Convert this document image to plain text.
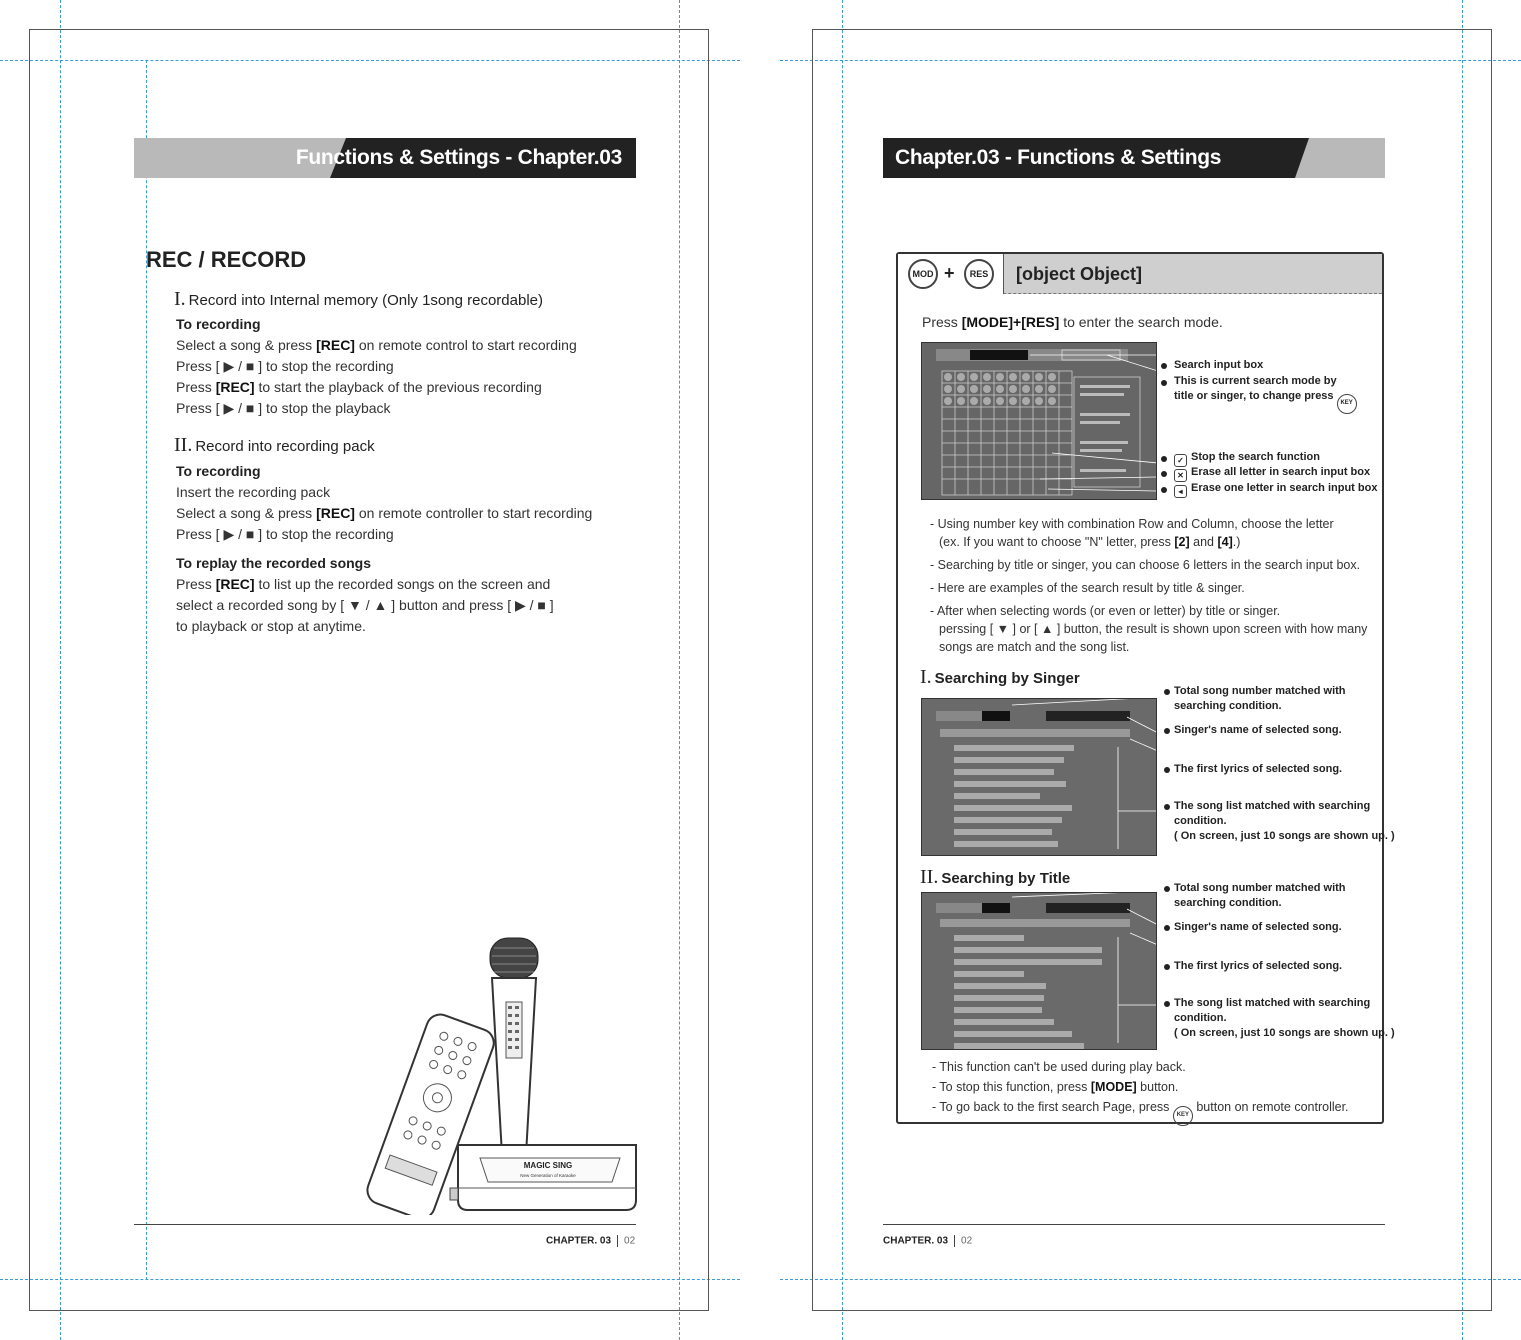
Functions & Settings - Chapter.03
REC / RECORD
I. Record into Internal memory (Only 1song recordable)
To recording
Select a song & press [REC] on remote control to start recording
Press [ ▶ / ■ ] to stop the recording
Press [REC] to start the playback of the previous recording
Press [ ▶ / ■ ] to stop the playback
II. Record into recording pack
To recording
Insert the recording pack
Select a song & press [REC] on remote controller to start recording
Press [ ▶ / ■ ] to stop the recording
To replay the recorded songs
Press [REC] to list up the recorded songs on the screen and
select a recorded song by [ ▼ / ▲ ] button and press [ ▶ / ■ ]
to playback or stop at anytime.
MAGIC SING
New Generation of Karaoke
CHAPTER. 03 02
Chapter.03 - Functions & Settings
MOD +	RES	[object Object]
Press [MODE]+[RES] to enter the search mode.
Search input box
This is current search mode by
title or singer, to change press KEY
✓ Stop the search function
✕ Erase all letter in search input box
◂ Erase one letter in search input box
- Using number key with combination Row and Column, choose the letter
(ex. If you want to choose "N" letter, press [2] and [4].)
- Searching by title or singer, you can choose 6 letters in the search input box.
- Here are examples of the search result by title & singer.
- After when selecting words (or even or letter) by title or singer.
perssing [ ▼ ] or [ ▲ ] button, the result is shown upon screen with how many
songs are match and the song list.
I. Searching by Singer
Total song number matched with
searching condition.
Singer's name of selected song.
The first lyrics of selected song.
The song list matched with searching
condition.
( On screen, just 10 songs are shown up. )
II. Searching by Title
Total song number matched with
searching condition.
Singer's name of selected song.
The first lyrics of selected song.
The song list matched with searching
condition.
( On screen, just 10 songs are shown up. )
- This function can't be used during play back.
- To stop this function, press [MODE] button.
- To go back to the first search Page, press KEY button on remote controller.
CHAPTER. 03 02
